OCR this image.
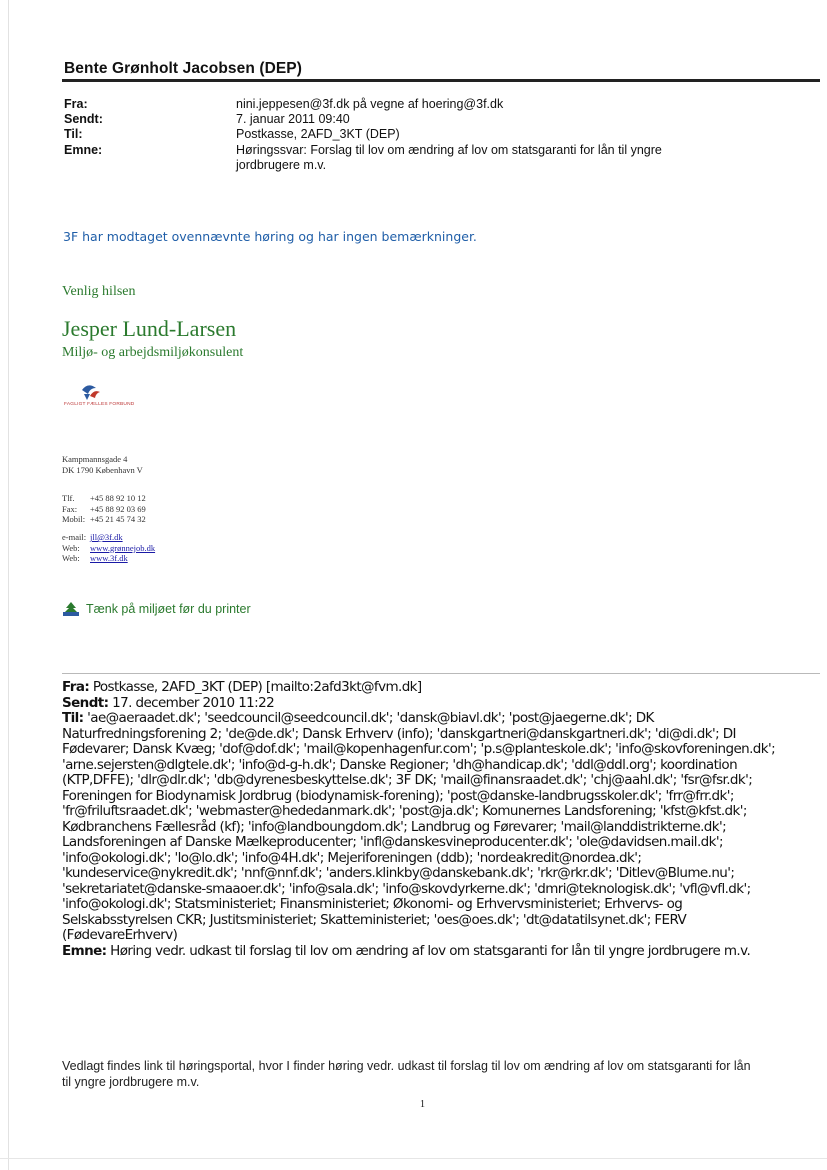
Bente Grønholt Jacobsen (DEP)
Fra:	nini.jeppesen@3f.dk på vegne af hoering@3f.dk
Sendt:	7. januar 2011 09:40
Til:	Postkasse, 2AFD_3KT (DEP)
Emne:	Høringssvar: Forslag til lov om ændring af lov om statsgaranti for lån til yngre jordbrugere m.v.
3F har modtaget ovennævnte høring og har ingen bemærkninger.
Venlig hilsen
Jesper Lund-Larsen
Miljø- og arbejdsmiljøkonsulent
FAGLIGT FÆLLES FORBUND
Kampmannsgade 4
DK 1790 København V
Tlf. +45 88 92 10 12
Fax: +45 88 92 03 69
Mobil: +45 21 45 74 32
e-mail: jll@3f.dk
Web: www.grønnejob.dk
Web: www.3f.dk
Tænk på miljøet før du printer

Fra: Postkasse, 2AFD_3KT (DEP) [mailto:2afd3kt@fvm.dk]

Sendt: 17. december 2010 11:22

Til: 'ae@aeraadet.dk'; 'seedcouncil@seedcouncil.dk'; 'dansk@biavl.dk'; 'post@jaegerne.dk'; DK Naturfredningsforening 2; 'de@de.dk'; Dansk Erhverv (info); 'danskgartneri@danskgartneri.dk'; 'di@di.dk'; DI Fødevarer; Dansk Kvæg; 'dof@dof.dk'; 'mail@kopenhagenfur.com'; 'p.s@planteskole.dk'; 'info@skovforeningen.dk'; 'arne.sejersten@dlgtele.dk'; 'info@d-g-h.dk'; Danske Regioner; 'dh@handicap.dk'; 'ddl@ddl.org'; koordination (KTP,DFFE); 'dlr@dlr.dk'; 'db@dyrenesbeskyttelse.dk'; 3F DK; 'mail@finansraadet.dk'; 'chj@aahl.dk'; 'fsr@fsr.dk'; Foreningen for Biodynamisk Jordbrug (biodynamisk-forening); 'post@danske-landbrugsskoler.dk'; 'frr@frr.dk'; 'fr@friluftsraadet.dk'; 'webmaster@hededanmark.dk'; 'post@ja.dk'; Komunernes Landsforening; 'kfst@kfst.dk'; Kødbranchens Fællesråd (kf); 'info@landboungdom.dk'; Landbrug og Førevarer; 'mail@landdistrikterne.dk'; Landsforeningen af Danske Mælkeproducenter; 'infl@danskesvineproducenter.dk'; 'ole@davidsen.mail.dk'; 'info@okologi.dk'; 'lo@lo.dk'; 'info@4H.dk'; Mejeriforeningen (ddb); 'nordeakredit@nordea.dk'; 'kundeservice@nykredit.dk'; 'nnf@nnf.dk'; 'anders.klinkby@danskebank.dk'; 'rkr@rkr.dk'; 'Ditlev@Blume.nu'; 'sekretariatet@danske-smaaoer.dk'; 'info@sala.dk'; 'info@skovdyrkerne.dk'; 'dmri@teknologisk.dk'; 'vfl@vfl.dk'; 'info@okologi.dk'; Statsministeriet; Finansministeriet; Økonomi- og Erhvervsministeriet; Erhvervs- og Selskabsstyrelsen CKR; Justitsministeriet; Skatteministeriet; 'oes@oes.dk'; 'dt@datatilsynet.dk'; FERV (FødevareErhverv)

Emne: Høring vedr. udkast til forslag til lov om ændring af lov om statsgaranti for lån til yngre jordbrugere m.v.

Vedlagt findes link til høringsportal, hvor I finder høring vedr. udkast til forslag til lov om ændring af lov om statsgaranti for lån til yngre jordbrugere m.v.
1
